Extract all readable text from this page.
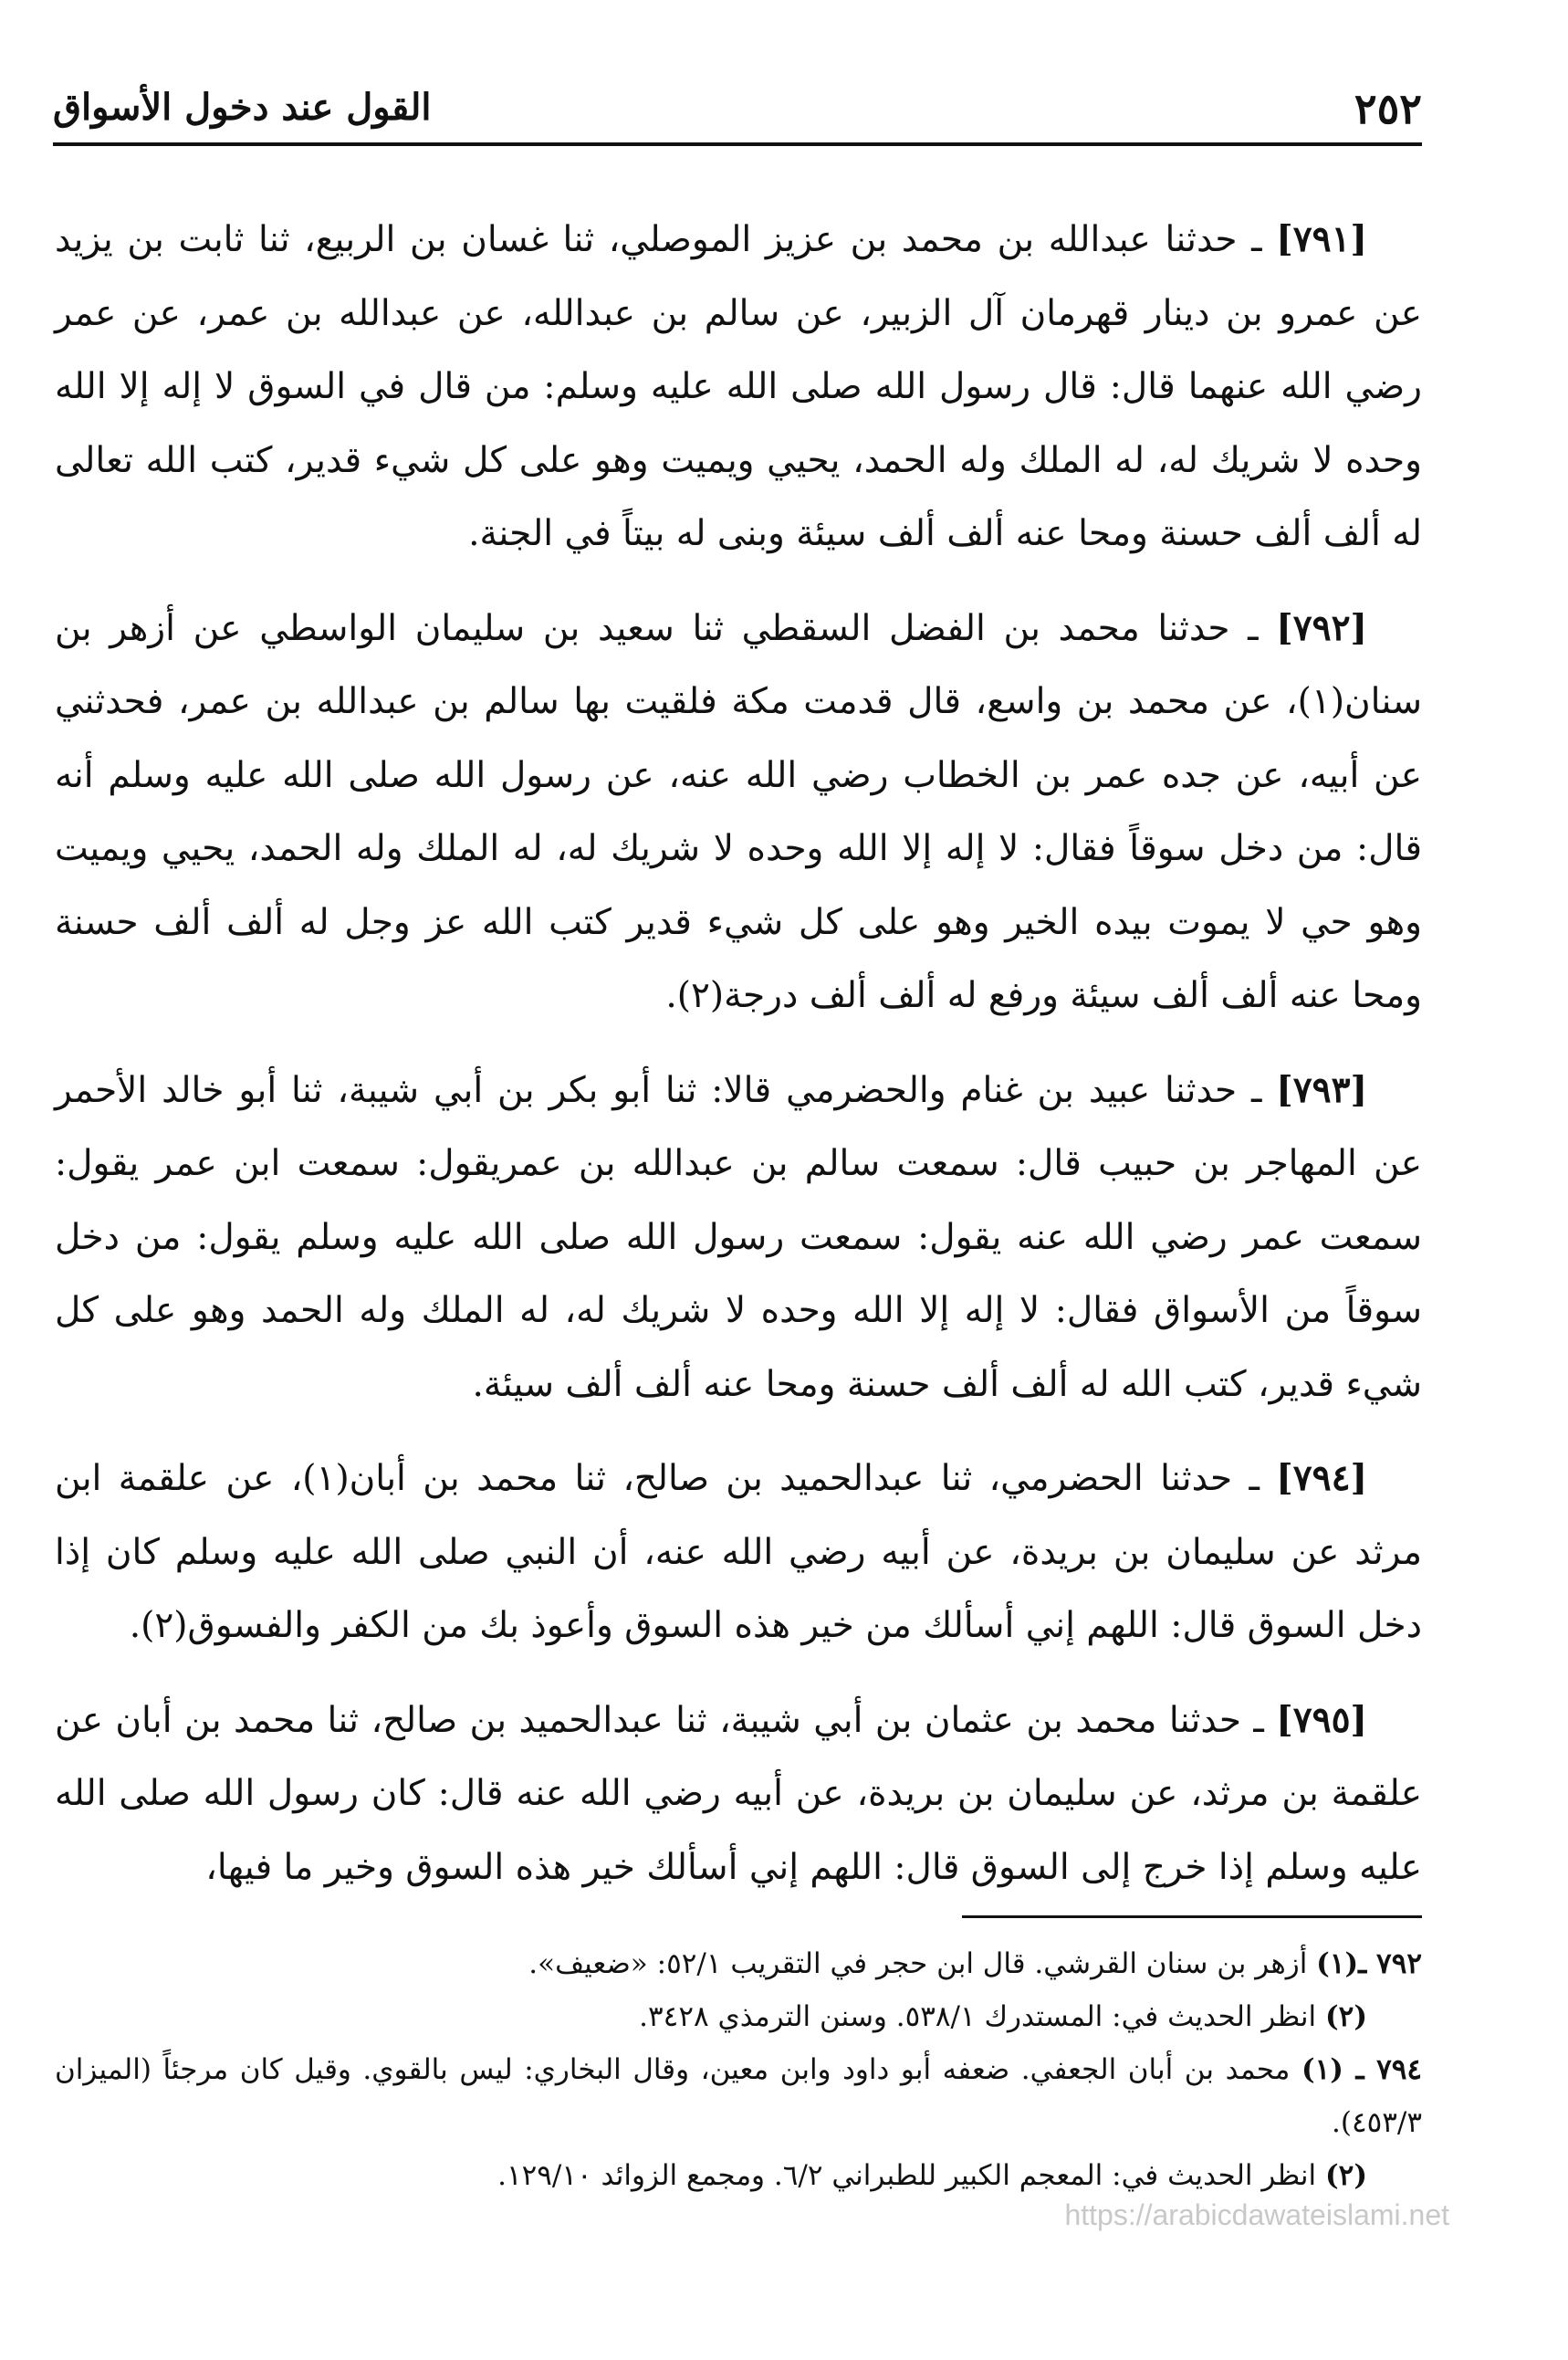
٢٥٢
القول عند دخول الأسواق

[٧٩١] ـ حدثنا عبدالله بن محمد بن عزيز الموصلي، ثنا غسان بن الربيع، ثنا ثابت بن يزيد عن عمرو بن دينار قهرمان آل الزبير، عن سالم بن عبدالله، عن عبدالله بن عمر، عن عمر رضي الله عنهما قال: قال رسول الله صلى الله عليه وسلم: من قال في السوق لا إله إلا الله وحده لا شريك له، له الملك وله الحمد، يحيي ويميت وهو على كل شيء قدير، كتب الله تعالى له ألف ألف حسنة ومحا عنه ألف ألف سيئة وبنى له بيتاً في الجنة.

[٧٩٢] ـ حدثنا محمد بن الفضل السقطي ثنا سعيد بن سليمان الواسطي عن أزهر بن سنان(١)، عن محمد بن واسع، قال قدمت مكة فلقيت بها سالم بن عبدالله بن عمر، فحدثني عن أبيه، عن جده عمر بن الخطاب رضي الله عنه، عن رسول الله صلى الله عليه وسلم أنه قال: من دخل سوقاً فقال: لا إله إلا الله وحده لا شريك له، له الملك وله الحمد، يحيي ويميت وهو حي لا يموت بيده الخير وهو على كل شيء قدير كتب الله عز وجل له ألف ألف حسنة ومحا عنه ألف ألف سيئة ورفع له ألف ألف درجة(٢).

[٧٩٣] ـ حدثنا عبيد بن غنام والحضرمي قالا: ثنا أبو بكر بن أبي شيبة، ثنا أبو خالد الأحمر عن المهاجر بن حبيب قال: سمعت سالم بن عبدالله بن عمريقول: سمعت ابن عمر يقول: سمعت عمر رضي الله عنه يقول: سمعت رسول الله صلى الله عليه وسلم يقول: من دخل سوقاً من الأسواق فقال: لا إله إلا الله وحده لا شريك له، له الملك وله الحمد وهو على كل شيء قدير، كتب الله له ألف ألف حسنة ومحا عنه ألف ألف سيئة.

[٧٩٤] ـ حدثنا الحضرمي، ثنا عبدالحميد بن صالح، ثنا محمد بن أبان(١)، عن علقمة ابن مرثد عن سليمان بن بريدة، عن أبيه رضي الله عنه، أن النبي صلى الله عليه وسلم كان إذا دخل السوق قال: اللهم إني أسألك من خير هذه السوق وأعوذ بك من الكفر والفسوق(٢).

[٧٩٥] ـ حدثنا محمد بن عثمان بن أبي شيبة، ثنا عبدالحميد بن صالح، ثنا محمد بن أبان عن علقمة بن مرثد، عن سليمان بن بريدة، عن أبيه رضي الله عنه قال: كان رسول الله صلى الله عليه وسلم إذا خرج إلى السوق قال: اللهم إني أسألك خير هذه السوق وخير ما فيها،

٧٩٢ ـ(١) أزهر بن سنان القرشي. قال ابن حجر في التقريب ٥٢/١: «ضعيف».

(٢) انظر الحديث في: المستدرك ٥٣٨/١. وسنن الترمذي ٣٤٢٨.

٧٩٤ ـ (١) محمد بن أبان الجعفي. ضعفه أبو داود وابن معين، وقال البخاري: ليس بالقوي. وقيل كان مرجئاً (الميزان ٤٥٣/٣).

(٢) انظر الحديث في: المعجم الكبير للطبراني ٦/٢. ومجمع الزوائد ١٢٩/١٠.

https://arabicdawateislami.net
